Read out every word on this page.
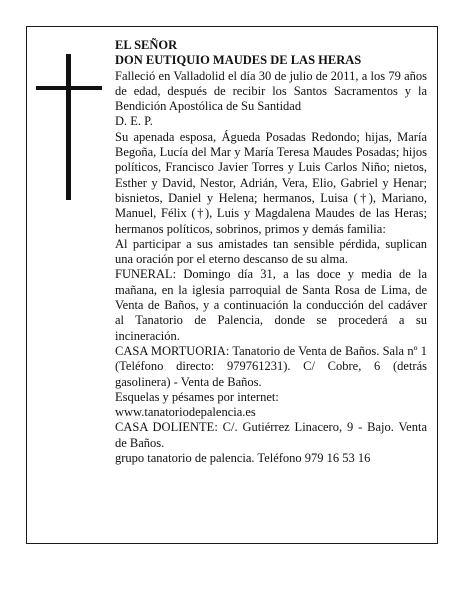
EL SEÑOR

DON EUTIQUIO MAUDES DE LAS HERAS

Falleció en Valladolid el día 30 de julio de 2011, a los 79 años de edad, después de recibir los Santos Sacramentos y la Bendición Apostólica de Su Santidad

D. E. P.

Su apenada esposa, Águeda Posadas Redondo; hijas, María Begoña, Lucía del Mar y María Teresa Maudes Posadas; hijos políticos, Francisco Javier Torres y Luis Carlos Niño; nietos, Esther y David, Nestor, Adrián, Vera, Elio, Gabriel y Henar; bisnietos, Daniel y Helena; hermanos, Luisa (†), Mariano, Manuel, Félix (†), Luis y Magdalena Maudes de las Heras; hermanos políticos, sobrinos, primos y demás familia:

Al participar a sus amistades tan sensible pérdida, suplican una oración por el eterno descanso de su alma.

FUNERAL: Domingo día 31, a las doce y media de la mañana, en la iglesia parroquial de Santa Rosa de Lima, de Venta de Baños, y a continuación la conducción del cadáver al Tanatorio de Palencia, donde se procederá a su incineración.

CASA MORTUORIA: Tanatorio de Venta de Baños. Sala nº 1 (Teléfono directo: 979761231). C/ Cobre, 6 (detrás gasolinera) - Venta de Baños.

Esquelas y pésames por internet:

www.tanatoriodepalencia.es

CASA DOLIENTE: C/. Gutiérrez Linacero, 9 - Bajo. Venta de Baños.

grupo tanatorio de palencia. Teléfono 979 16 53 16
